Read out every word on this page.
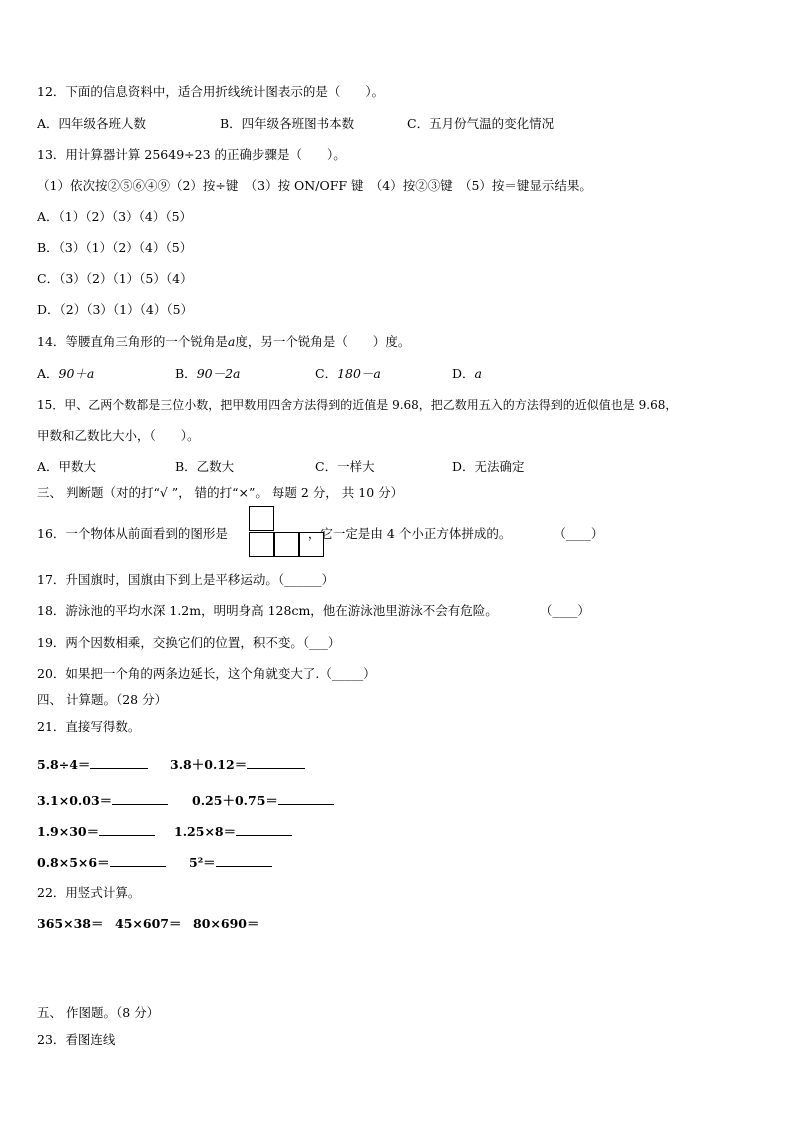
12．下面的信息资料中，适合用折线统计图表示的是（　　）。
A．四年级各班人数	B．四年级各班图书本数	C．五月份气温的变化情况
13．用计算器计算 25649÷23 的正确步骤是（　　）。
（1）依次按②⑤⑥④⑨（2）按÷键　（3）按 ON/OFF 键　（4）按②③键　（5）按＝键显示结果。
A．（1）（2）（3）（4）（5）
B．（3）（1）（2）（4）（5）
C．（3）（2）（1）（5）（4）
D．（2）（3）（1）（4）（5）
14．等腰直角三角形的一个锐角是a度，另一个锐角是（　　）度。
A．90＋a	B．90－2a	C．180－a	D．a
15．甲、乙两个数都是三位小数，把甲数用四舍方法得到的近值是 9.68，把乙数用五入的方法得到的近似值也是 9.68，
甲数和乙数比大小，（　　）。
A．甲数大	B．乙数大	C．一样大	D．无法确定
三、 判断题（对的打“√ ”， 错的打“×”。 每题 2 分， 共 10 分）
16．一个物体从前面看到的图形是	，它一定是由 4 个小正方体拼成的。	（____）
17．升国旗时，国旗由下到上是平移运动。（______）
18．游泳池的平均水深 1.2m，明明身高 128cm，他在游泳池里游泳不会有危险。	（____）
19．两个因数相乘，交换它们的位置，积不变。（___）
20．如果把一个角的两条边延长，这个角就变大了.（_____）
四、 计算题。（28 分）
21．直接写得数。
5.8÷4＝	3.8＋0.12＝
3.1×0.03＝	0.25＋0.75＝
1.9×30＝	1.25×8＝
0.8×5×6＝	5²＝
22．用竖式计算。
365×38＝ 45×607＝ 80×690＝
五、 作图题。（8 分）
23．看图连线
